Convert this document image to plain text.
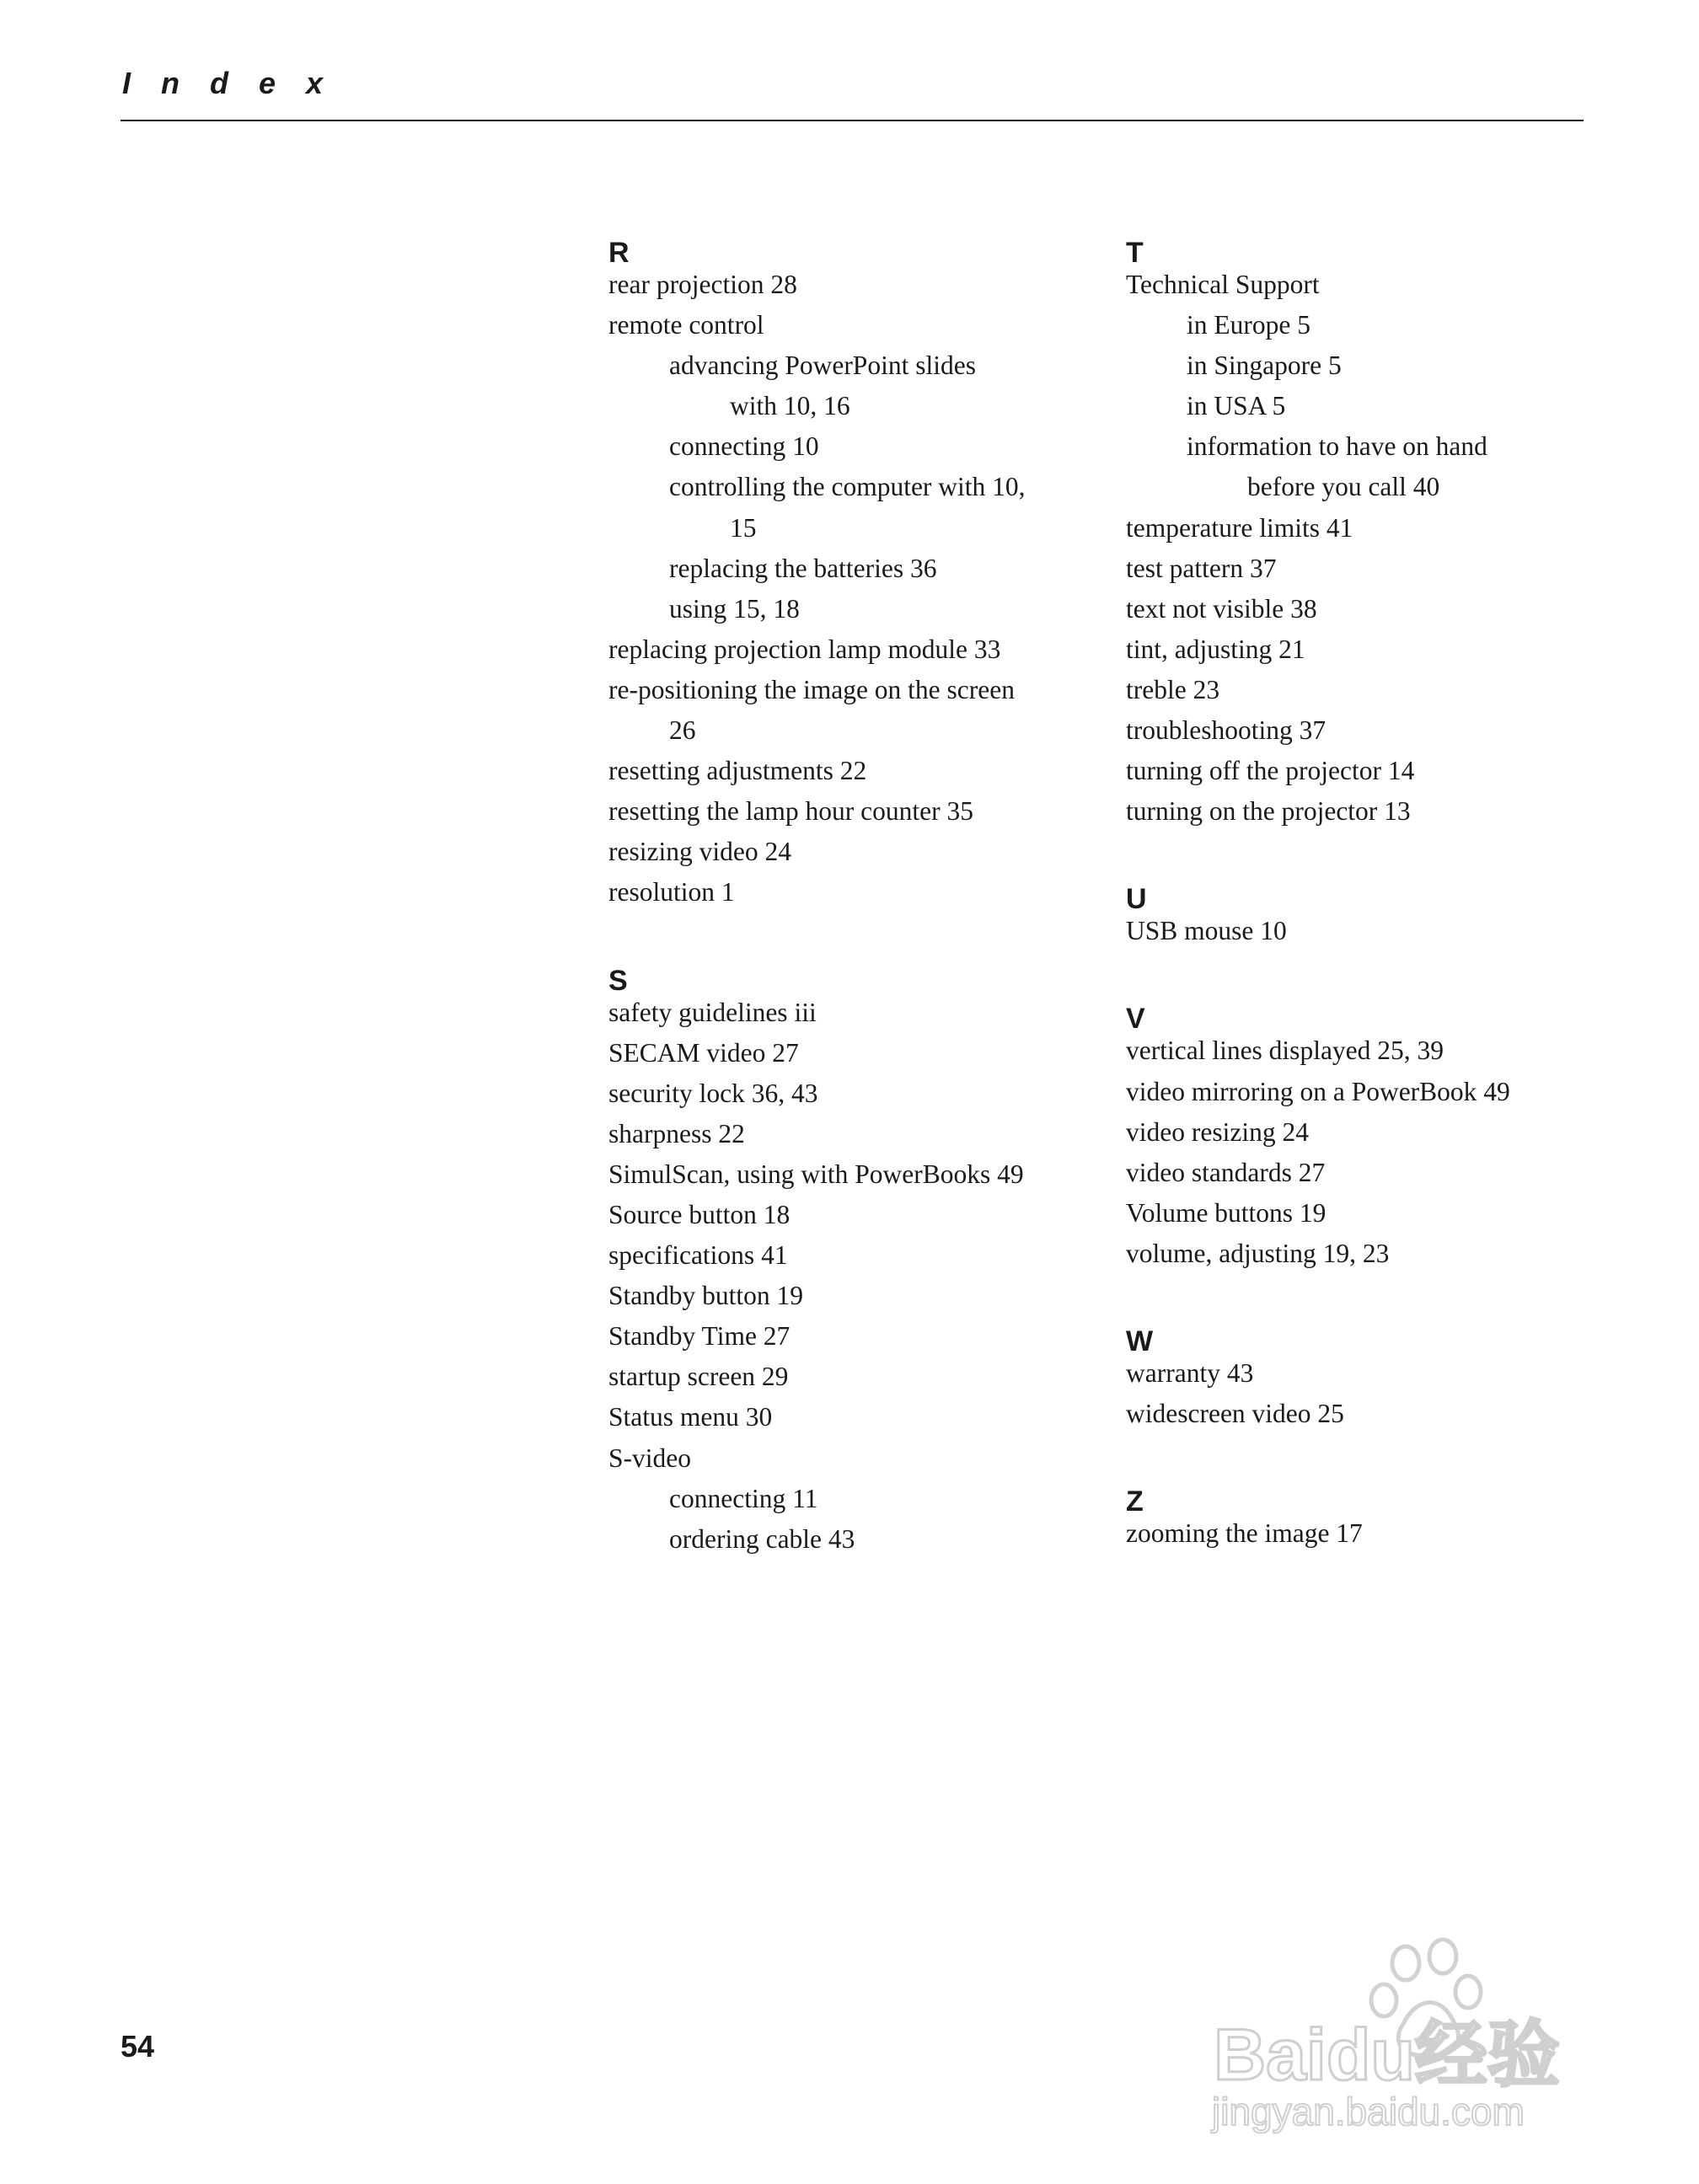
Index
R
rear projection 28
remote control
advancing PowerPoint slides
with 10, 16
connecting 10
controlling the computer with 10,
15
replacing the batteries 36
using 15, 18
replacing projection lamp module 33
re-positioning the image on the screen
26
resetting adjustments 22
resetting the lamp hour counter 35
resizing video 24
resolution 1
S
safety guidelines iii
SECAM video 27
security lock 36, 43
sharpness 22
SimulScan, using with PowerBooks 49
Source button 18
specifications 41
Standby button 19
Standby Time 27
startup screen 29
Status menu 30
S-video
connecting 11
ordering cable 43
T
Technical Support
in Europe 5
in Singapore 5
in USA 5
information to have on hand
before you call 40
temperature limits 41
test pattern 37
text not visible 38
tint, adjusting 21
treble 23
troubleshooting 37
turning off the projector 14
turning on the projector 13
U
USB mouse 10
V
vertical lines displayed 25, 39
video mirroring on a PowerBook 49
video resizing 24
video standards 27
Volume buttons 19
volume, adjusting 19, 23
W
warranty 43
widescreen video 25
Z
zooming the image 17
54	Baidu经验
jingyan.baidu.com
